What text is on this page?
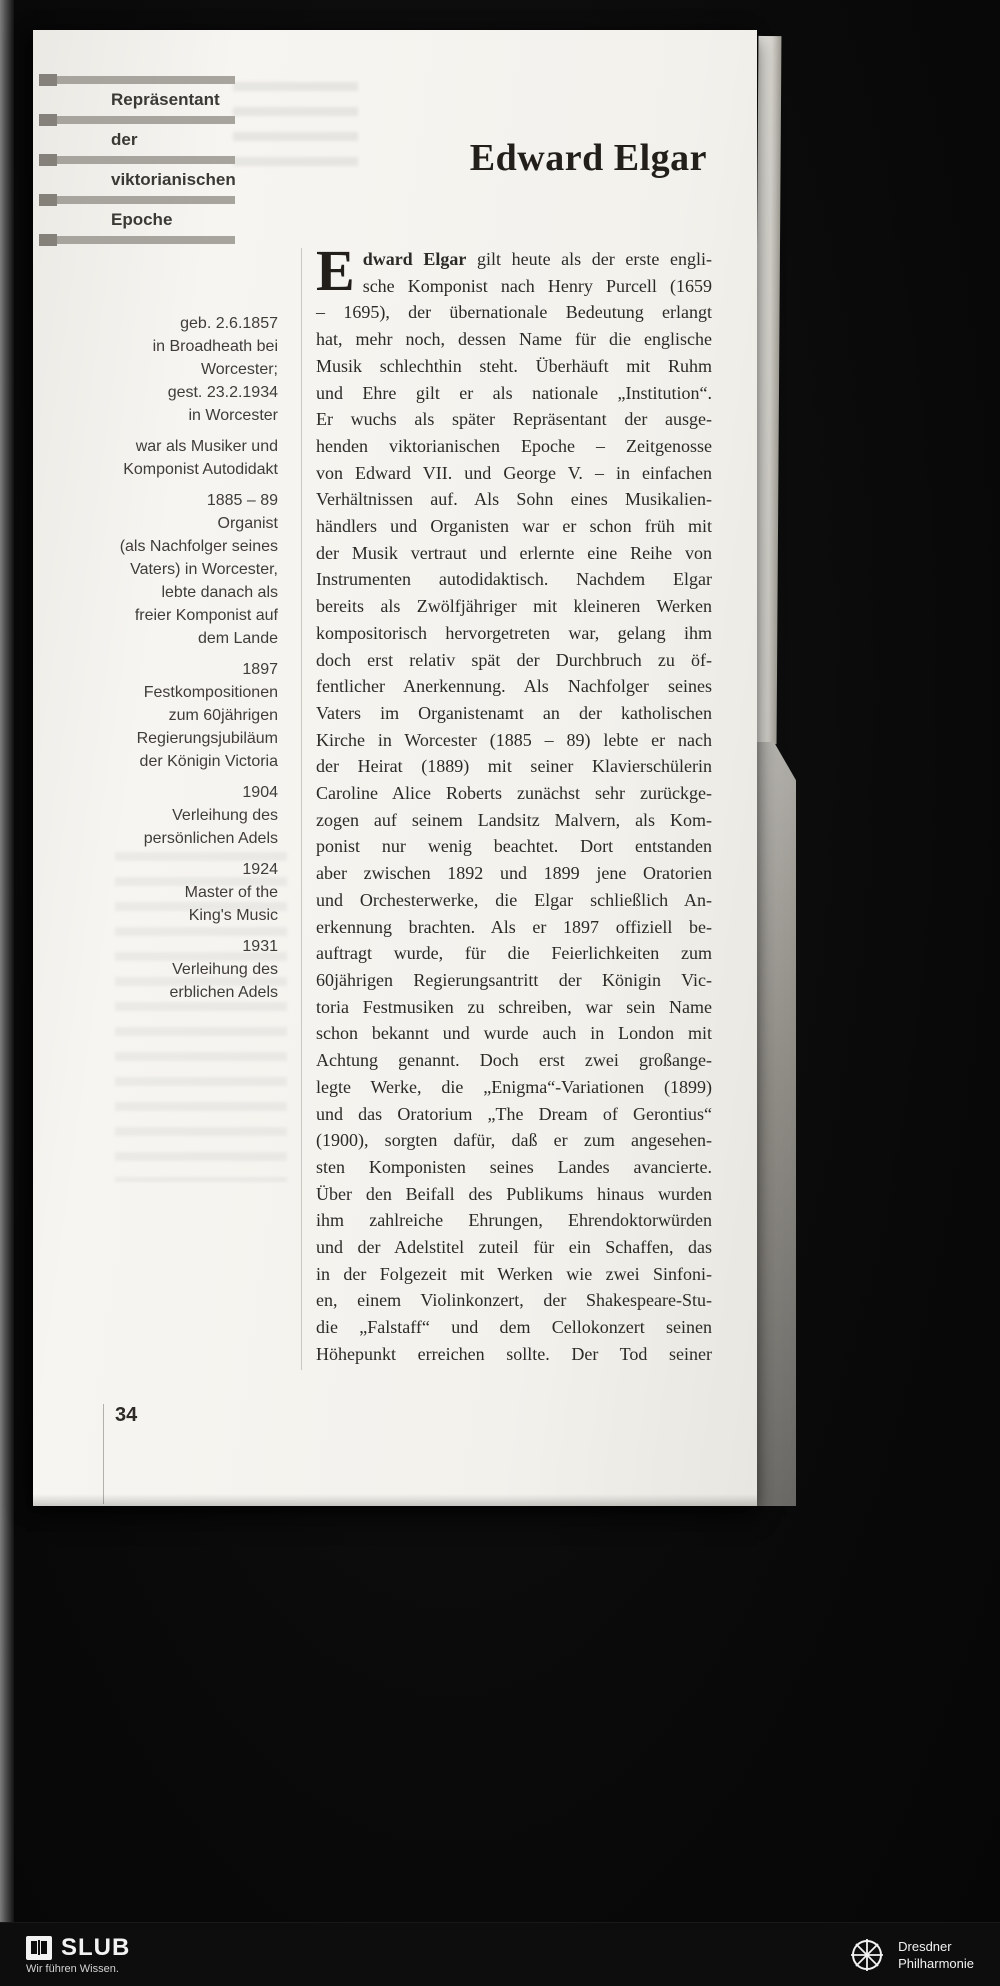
Repräsentant
der
viktorianischen
Epoche
Edward Elgar
geb. 2.6.1857
in Broadheath bei
Worcester;
gest. 23.2.1934
in Worcester
war als Musiker und
Komponist Autodidakt
1885 – 89
Organist
(als Nachfolger seines
Vaters) in Worcester,
lebte danach als
freier Komponist auf
dem Lande
1897
Festkompositionen
zum 60jährigen
Regierungsjubiläum
der Königin Victoria
1904
Verleihung des
persönlichen Adels
1924
Master of the
King's Music
1931
Verleihung des
erblichen Adels
E dward Elgar gilt heute als der erste engli-
sche Komponist nach Henry Purcell (1659
– 1695), der übernationale Bedeutung erlangt
hat, mehr noch, dessen Name für die englische
Musik schlechthin steht. Überhäuft mit Ruhm
und Ehre gilt er als nationale „Institution“.
Er wuchs als später Repräsentant der ausge-
henden viktorianischen Epoche – Zeitgenosse
von Edward VII. und George V. – in einfachen
Verhältnissen auf. Als Sohn eines Musikalien-
händlers und Organisten war er schon früh mit
der Musik vertraut und erlernte eine Reihe von
Instrumenten autodidaktisch. Nachdem Elgar
bereits als Zwölfjähriger mit kleineren Werken
kompositorisch hervorgetreten war, gelang ihm
doch erst relativ spät der Durchbruch zu öf-
fentlicher Anerkennung. Als Nachfolger seines
Vaters im Organistenamt an der katholischen
Kirche in Worcester (1885 – 89) lebte er nach
der Heirat (1889) mit seiner Klavierschülerin
Caroline Alice Roberts zunächst sehr zurückge-
zogen auf seinem Landsitz Malvern, als Kom-
ponist nur wenig beachtet. Dort entstanden
aber zwischen 1892 und 1899 jene Oratorien
und Orchesterwerke, die Elgar schließlich An-
erkennung brachten. Als er 1897 offiziell be-
auftragt wurde, für die Feierlichkeiten zum
60jährigen Regierungsantritt der Königin Vic-
toria Festmusiken zu schreiben, war sein Name
schon bekannt und wurde auch in London mit
Achtung genannt. Doch erst zwei großange-
legte Werke, die „Enigma“-Variationen (1899)
und das Oratorium „The Dream of Gerontius“
(1900), sorgten dafür, daß er zum angesehen-
sten Komponisten seines Landes avancierte.
Über den Beifall des Publikums hinaus wurden
ihm zahlreiche Ehrungen, Ehrendoktorwürden
und der Adelstitel zuteil für ein Schaffen, das
in der Folgezeit mit Werken wie zwei Sinfoni-
en, einem Violinkonzert, der Shakespeare-Stu-
die „Falstaff“ und dem Cellokonzert seinen
Höhepunkt erreichen sollte. Der Tod seiner
34
SLUB
Wir führen Wissen.
Dresdner
Philharmonie
